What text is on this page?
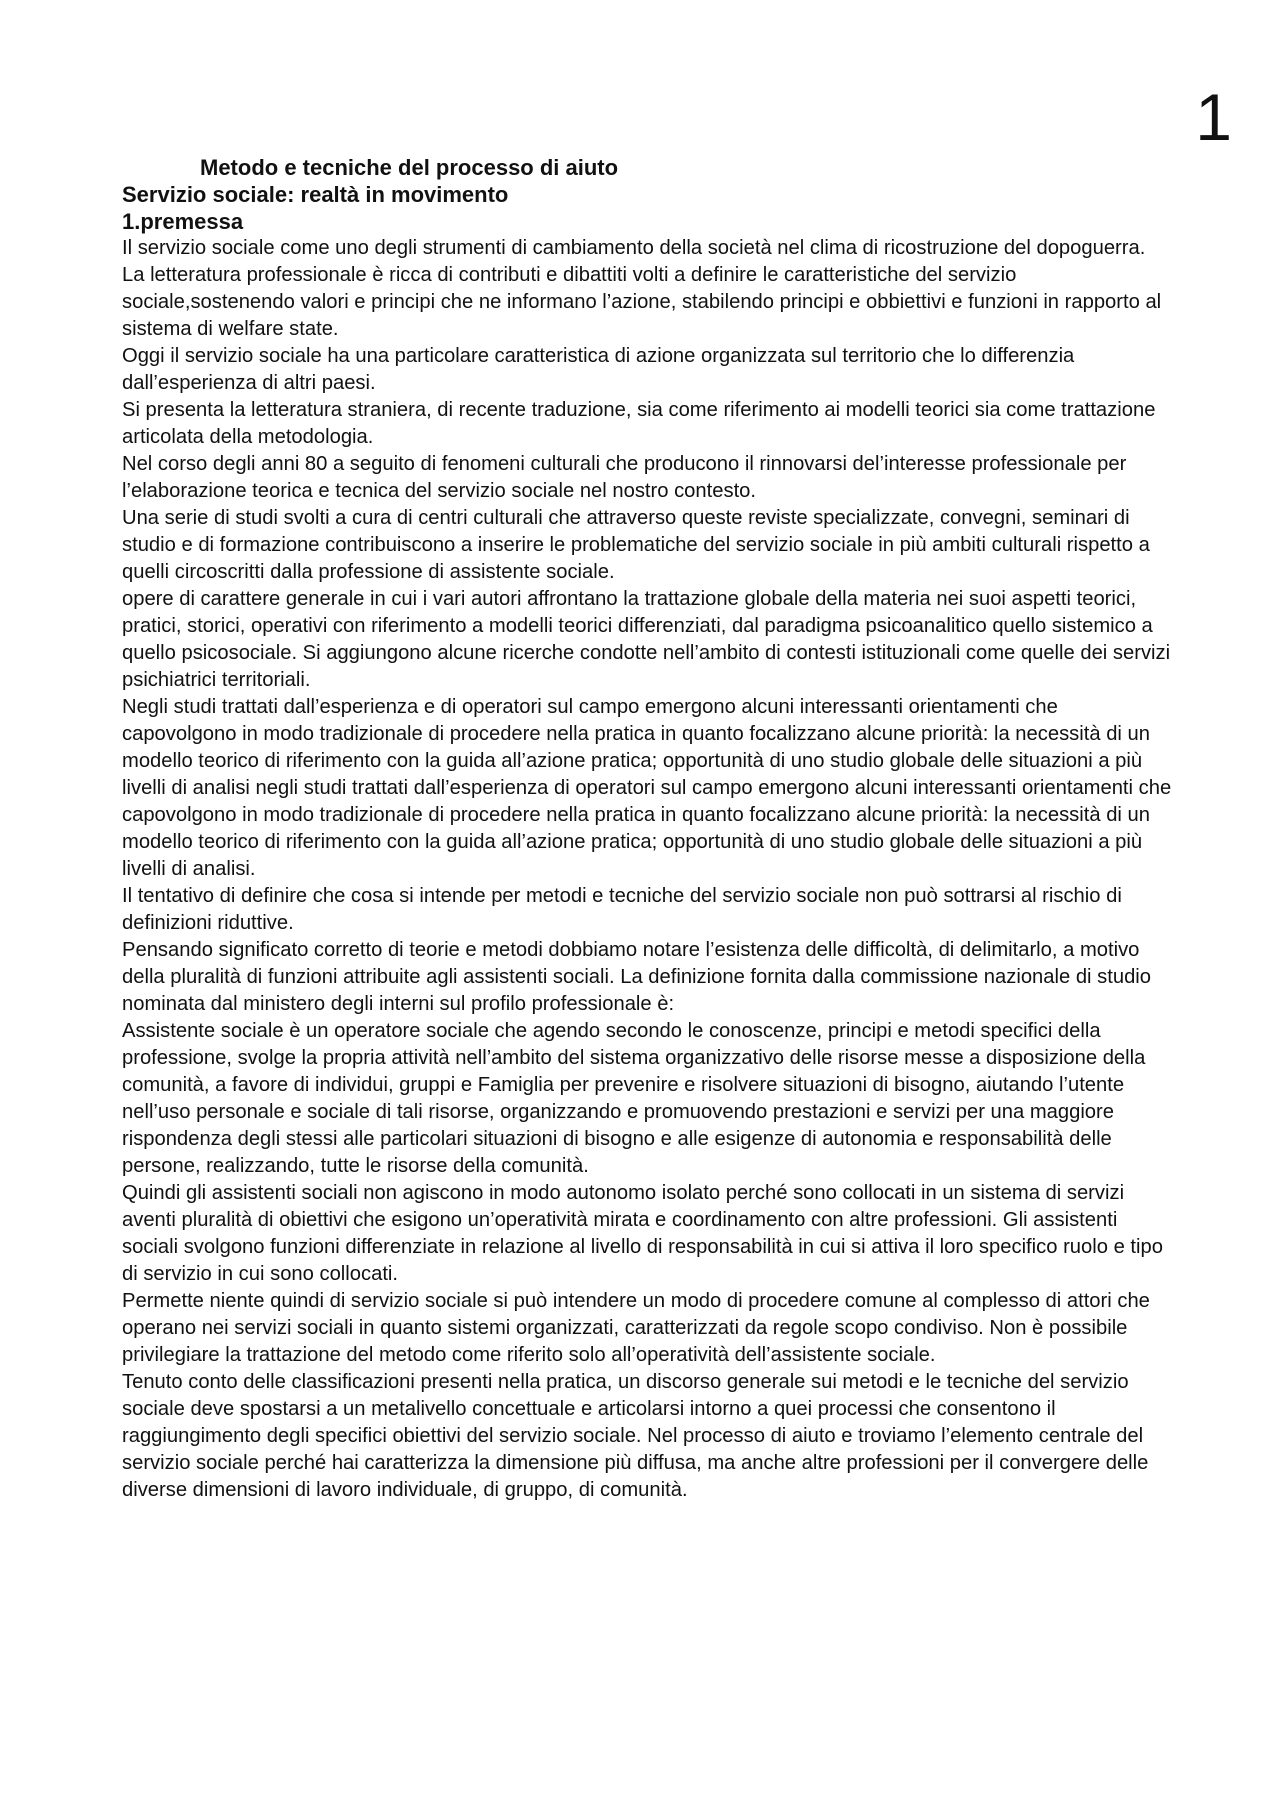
1
Metodo e tecniche del processo di aiuto
Servizio sociale: realtà in movimento
1.premessa

Il servizio sociale come uno degli strumenti di cambiamento della società nel clima di ricostruzione del dopoguerra.

La letteratura professionale è ricca di contributi e dibattiti volti a definire le caratteristiche del servizio sociale,sostenendo valori e principi che ne informano l’azione, stabilendo principi e obbiettivi e funzioni in rapporto al sistema di welfare state.

Oggi il servizio sociale ha una particolare caratteristica di azione organizzata sul territorio che lo differenzia dall’esperienza di altri paesi.

Si presenta la letteratura straniera, di recente traduzione, sia come riferimento ai modelli teorici sia come trattazione articolata della metodologia.

Nel corso degli anni 80 a seguito di fenomeni culturali che producono il rinnovarsi del’interesse professionale per l’elaborazione teorica e tecnica del servizio sociale nel nostro contesto.

Una serie di studi svolti a cura di centri culturali che attraverso queste reviste specializzate, convegni, seminari di studio e di formazione contribuiscono a inserire le problematiche del servizio sociale in più ambiti culturali rispetto a quelli circoscritti dalla professione di assistente sociale.

opere di carattere generale in cui i vari autori affrontano la trattazione globale della materia nei suoi aspetti teorici, pratici, storici, operativi con riferimento a modelli teorici differenziati, dal paradigma psicoanalitico quello sistemico a quello psicosociale. Si aggiungono alcune ricerche condotte nell’ambito di contesti istituzionali come quelle dei servizi psichiatrici territoriali.

Negli studi trattati dall’esperienza e di operatori sul campo emergono alcuni interessanti orientamenti che capovolgono in modo tradizionale di procedere nella pratica in quanto focalizzano alcune priorità: la necessità di un modello teorico di riferimento con la guida all’azione pratica; opportunità di uno studio globale delle situazioni a più livelli di analisi negli studi trattati dall’esperienza di operatori sul campo emergono alcuni interessanti orientamenti che capovolgono in modo tradizionale di procedere nella pratica in quanto focalizzano alcune priorità: la necessità di un modello teorico di riferimento con la guida all’azione pratica; opportunità di uno studio globale delle situazioni a più livelli di analisi.

Il tentativo di definire che cosa si intende per metodi e tecniche del servizio sociale non può sottrarsi al rischio di definizioni riduttive.

Pensando significato corretto di teorie e metodi dobbiamo notare l’esistenza delle difficoltà, di delimitarlo, a motivo della pluralità di funzioni attribuite agli assistenti sociali. La definizione fornita dalla commissione nazionale di studio nominata dal ministero degli interni sul profilo professionale è:

Assistente sociale è un operatore sociale che agendo secondo le conoscenze, principi e metodi specifici della professione, svolge la propria attività nell’ambito del sistema organizzativo delle risorse messe a disposizione della comunità, a favore di individui, gruppi e Famiglia per prevenire e risolvere situazioni di bisogno, aiutando l’utente nell’uso personale e sociale di tali risorse, organizzando e promuovendo prestazioni e servizi per una maggiore rispondenza degli stessi alle particolari situazioni di bisogno e alle esigenze di autonomia e responsabilità delle persone, realizzando, tutte le risorse della comunità.

Quindi gli assistenti sociali non agiscono in modo autonomo isolato perché sono collocati in un sistema di servizi aventi pluralità di obiettivi che esigono un’operatività mirata e coordinamento con altre professioni. Gli assistenti sociali svolgono funzioni differenziate in relazione al livello di responsabilità in cui si attiva il loro specifico ruolo e tipo di servizio in cui sono collocati.

Permette niente quindi di servizio sociale si può intendere un modo di procedere comune al complesso di attori che operano nei servizi sociali in quanto sistemi organizzati, caratterizzati da regole scopo condiviso. Non è possibile privilegiare la trattazione del metodo come riferito solo all’operatività dell’assistente sociale.

Tenuto conto delle classificazioni presenti nella pratica, un discorso generale sui metodi e le tecniche del servizio sociale deve spostarsi a un metalivello concettuale e articolarsi intorno a quei processi che consentono il raggiungimento degli specifici obiettivi del servizio sociale. Nel processo di aiuto e troviamo l’elemento centrale del servizio sociale perché hai caratterizza la dimensione più diffusa, ma anche altre professioni per il convergere delle diverse dimensioni di lavoro individuale, di gruppo, di comunità.
